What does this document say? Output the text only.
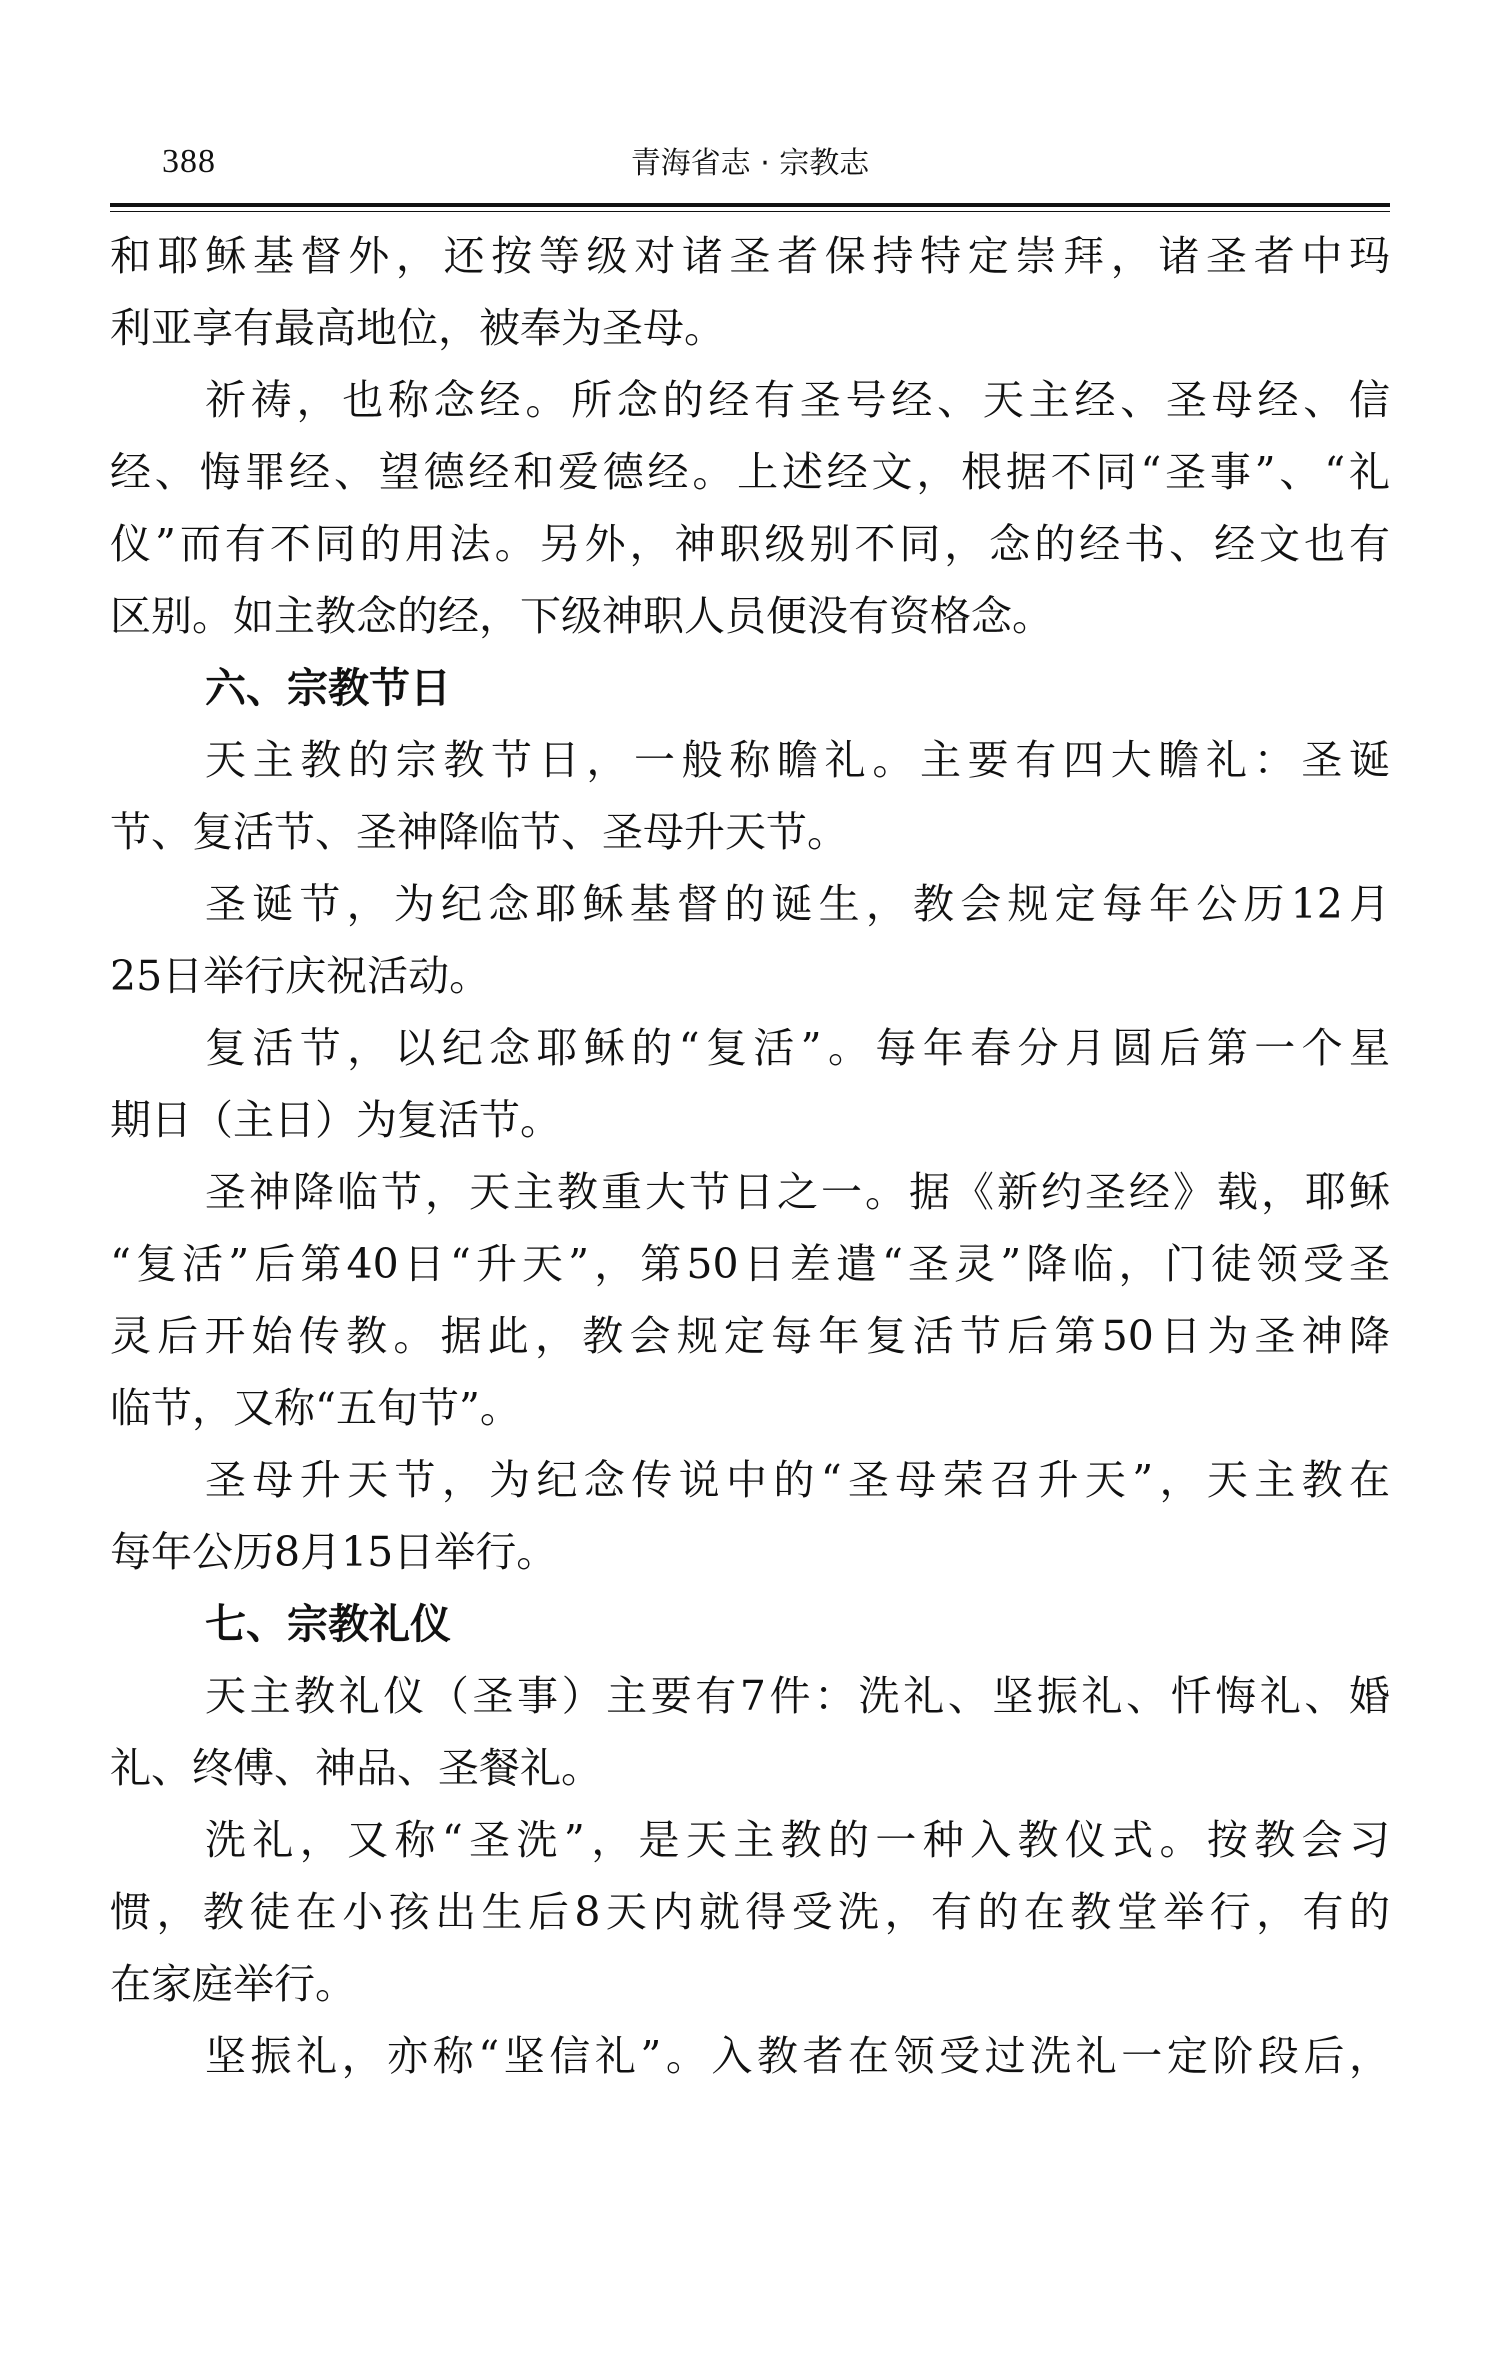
388	青海省志 · 宗教志
和耶稣基督外，还按等级对诸圣者保持特定崇拜，诸圣者中玛
利亚享有最高地位，被奉为圣母。
祈祷，也称念经。所念的经有圣号经、天主经、圣母经、信
经、悔罪经、望德经和爱德经。上述经文，根据不同“圣事”、“礼
仪”而有不同的用法。另外，神职级别不同，念的经书、经文也有
区别。如主教念的经，下级神职人员便没有资格念。
六、宗教节日
天主教的宗教节日，一般称瞻礼。主要有四大瞻礼：圣诞
节、复活节、圣神降临节、圣母升天节。
圣诞节，为纪念耶稣基督的诞生，教会规定每年公历12月
25日举行庆祝活动。
复活节，以纪念耶稣的“复活”。每年春分月圆后第一个星
期日（主日）为复活节。
圣神降临节，天主教重大节日之一。据《新约圣经》载，耶稣
“复活”后第40日“升天”，第50日差遣“圣灵”降临，门徒领受圣
灵后开始传教。据此，教会规定每年复活节后第50日为圣神降
临节，又称“五旬节”。
圣母升天节，为纪念传说中的“圣母荣召升天”，天主教在
每年公历8月15日举行。
七、宗教礼仪
天主教礼仪（圣事）主要有7件：洗礼、坚振礼、忏悔礼、婚
礼、终傅、神品、圣餐礼。
洗礼，又称“圣洗”，是天主教的一种入教仪式。按教会习
惯，教徒在小孩出生后8天内就得受洗，有的在教堂举行，有的
在家庭举行。
坚振礼，亦称“坚信礼”。入教者在领受过洗礼一定阶段后，
